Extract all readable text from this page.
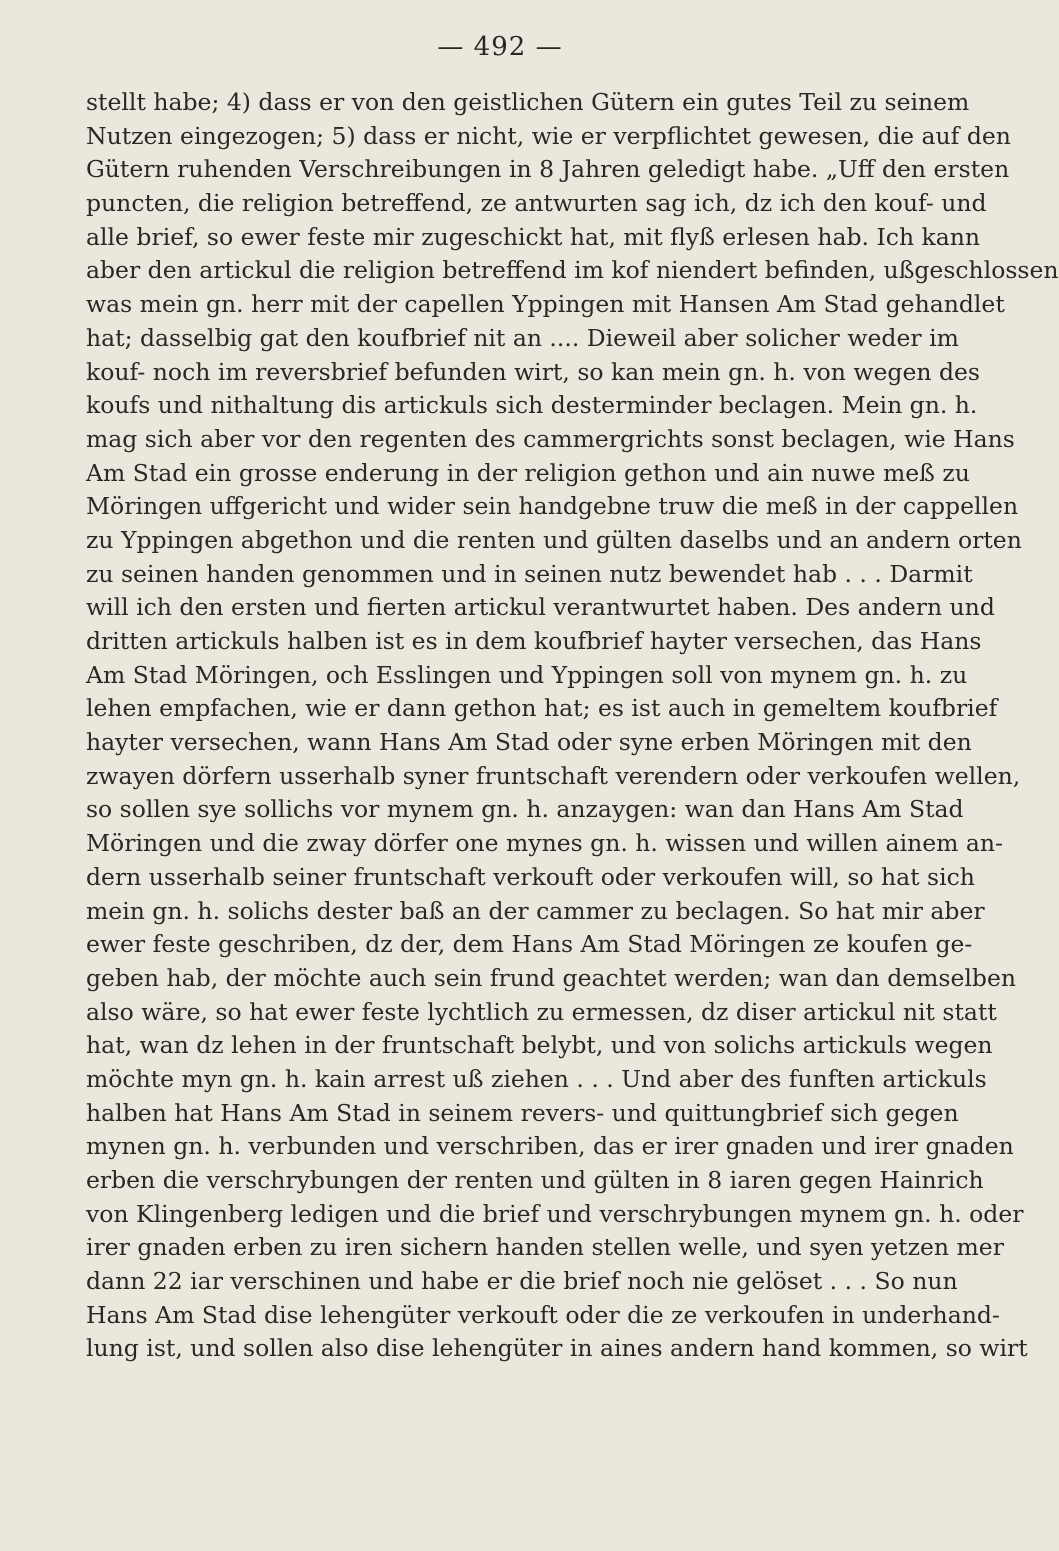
— 492 —
stellt habe; 4) dass er von den geistlichen Gütern ein gutes Teil zu seinem
Nutzen eingezogen; 5) dass er nicht, wie er verpflichtet gewesen, die auf den
Gütern ruhenden Verschreibungen in 8 Jahren geledigt habe. „Uff den ersten
puncten, die religion betreffend, ze antwurten sag ich, dz ich den kouf- und
alle brief, so ewer feste mir zugeschickt hat, mit flyß erlesen hab. Ich kann
aber den artickul die religion betreffend im kof niendert befinden, ußgeschlossen
was mein gn. herr mit der capellen Yppingen mit Hansen Am Stad gehandlet
hat; dasselbig gat den koufbrief nit an .... Dieweil aber solicher weder im
kouf- noch im reversbrief befunden wirt, so kan mein gn. h. von wegen des
koufs und nithaltung dis artickuls sich desterminder beclagen. Mein gn. h.
mag sich aber vor den regenten des cammergrichts sonst beclagen, wie Hans
Am Stad ein grosse enderung in der religion gethon und ain nuwe meß zu
Möringen uffgericht und wider sein handgebne truw die meß in der cappellen
zu Yppingen abgethon und die renten und gülten daselbs und an andern orten
zu seinen handen genommen und in seinen nutz bewendet hab . . . Darmit
will ich den ersten und fierten artickul verantwurtet haben. Des andern und
dritten artickuls halben ist es in dem koufbrief hayter versechen, das Hans
Am Stad Möringen, och Esslingen und Yppingen soll von mynem gn. h. zu
lehen empfachen, wie er dann gethon hat; es ist auch in gemeltem koufbrief
hayter versechen, wann Hans Am Stad oder syne erben Möringen mit den
zwayen dörfern usserhalb syner fruntschaft verendern oder verkoufen wellen,
so sollen sye sollichs vor mynem gn. h. anzaygen: wan dan Hans Am Stad
Möringen und die zway dörfer one mynes gn. h. wissen und willen ainem an-
dern usserhalb seiner fruntschaft verkouft oder verkoufen will, so hat sich
mein gn. h. solichs dester baß an der cammer zu beclagen. So hat mir aber
ewer feste geschriben, dz der, dem Hans Am Stad Möringen ze koufen ge-
geben hab, der möchte auch sein frund geachtet werden; wan dan demselben
also wäre, so hat ewer feste lychtlich zu ermessen, dz diser artickul nit statt
hat, wan dz lehen in der fruntschaft belybt, und von solichs artickuls wegen
möchte myn gn. h. kain arrest uß ziehen . . . Und aber des funften artickuls
halben hat Hans Am Stad in seinem revers- und quittungbrief sich gegen
mynen gn. h. verbunden und verschriben, das er irer gnaden und irer gnaden
erben die verschrybungen der renten und gülten in 8 iaren gegen Hainrich
von Klingenberg ledigen und die brief und verschrybungen mynem gn. h. oder
irer gnaden erben zu iren sichern handen stellen welle, und syen yetzen mer
dann 22 iar verschinen und habe er die brief noch nie gelöset . . . So nun
Hans Am Stad dise lehengüter verkouft oder die ze verkoufen in underhand-
lung ist, und sollen also dise lehengüter in aines andern hand kommen, so wirt
